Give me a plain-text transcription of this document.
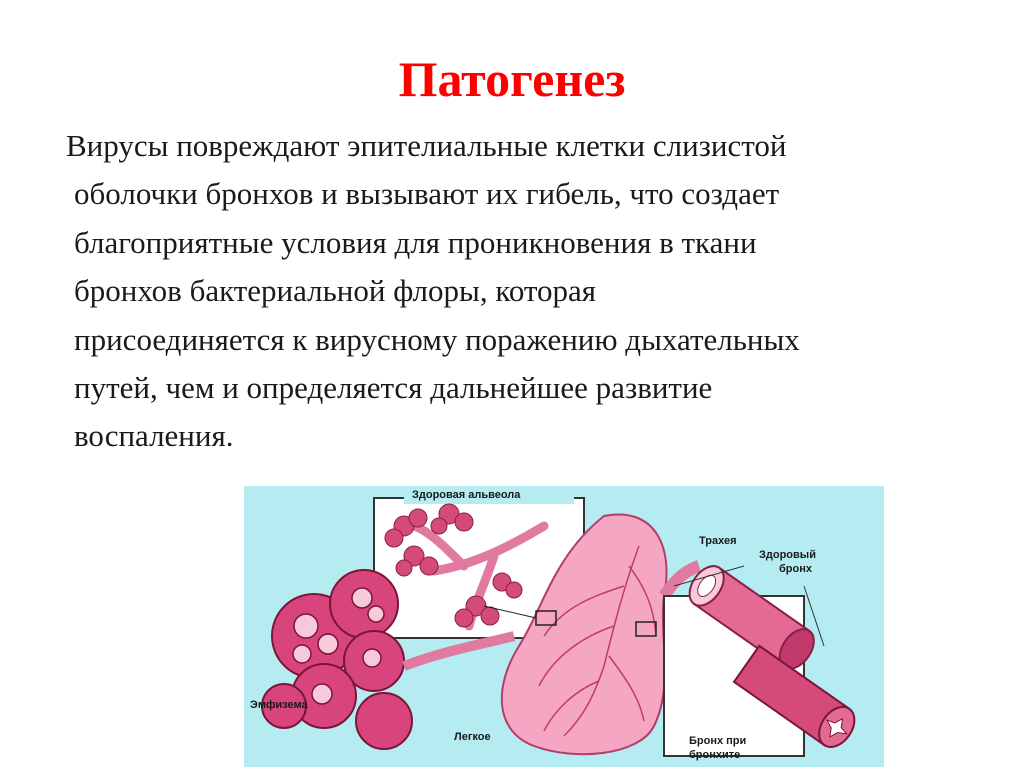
Патогенез
Вирусы повреждают эпителиальные клетки слизистой
оболочки бронхов и вызывают их гибель, что создает
благоприятные условия для проникновения в ткани
бронхов бактериальной флоры, которая
присоединяется к вирусному поражению дыхательных
путей, чем и определяется дальнейшее развитие
воспаления.
Здоровая альвеола
Трахея
Здоровый
бронх
Эмфизема
Легкое	Бронх при
бронхите
